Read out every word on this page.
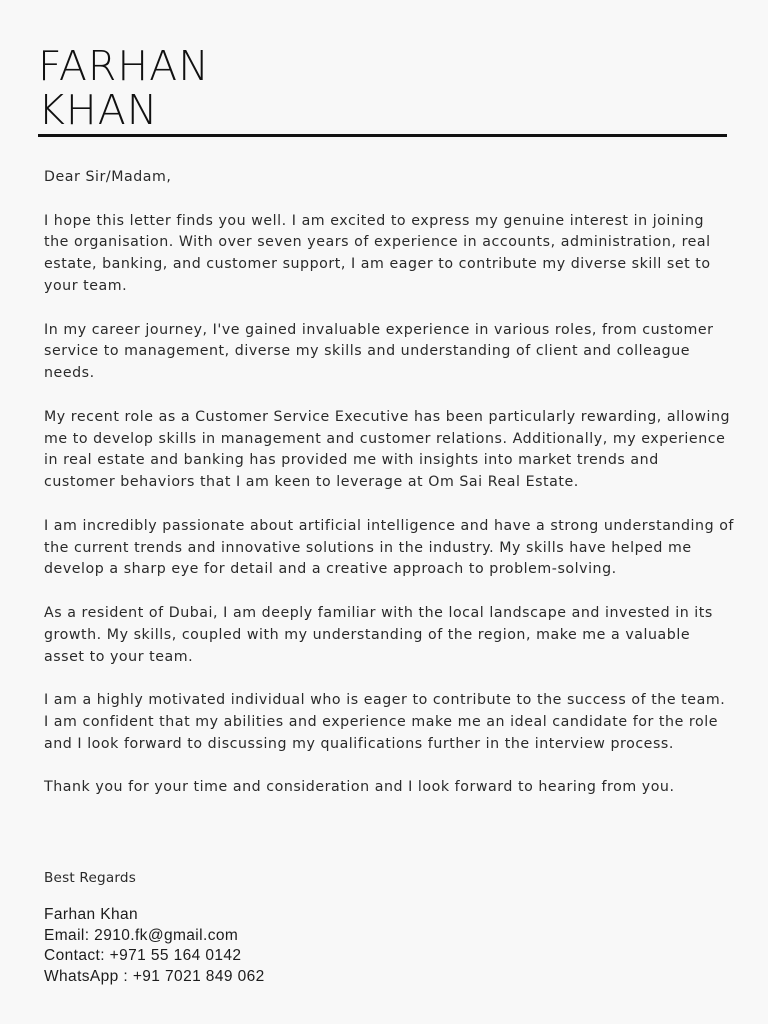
FARHAN
KHAN

Dear Sir/Madam,

I hope this letter finds you well. I am excited to express my genuine interest in joining the organisation. With over seven years of experience in accounts, administration, real estate, banking, and customer support, I am eager to contribute my diverse skill set to your team.

In my career journey, I've gained invaluable experience in various roles, from customer service to management, diverse my skills and understanding of client and colleague needs.

My recent role as a Customer Service Executive has been particularly rewarding, allowing me to develop skills in management and customer relations. Additionally, my experience in real estate and banking has provided me with insights into market trends and customer behaviors that I am keen to leverage at Om Sai Real Estate.

I am incredibly passionate about artificial intelligence and have a strong understanding of the current trends and innovative solutions in the industry. My skills have helped me develop a sharp eye for detail and a creative approach to problem-solving.

As a resident of Dubai, I am deeply familiar with the local landscape and invested in its growth. My skills, coupled with my understanding of the region, make me a valuable asset to your team.

I am a highly motivated individual who is eager to contribute to the success of the team. I am confident that my abilities and experience make me an ideal candidate for the role and I look forward to discussing my qualifications further in the interview process.

Thank you for your time and consideration and I look forward to hearing from you.

Best Regards
Farhan Khan
Email: 2910.fk@gmail.com
Contact: +971 55 164 0142
WhatsApp : +91 7021 849 062
